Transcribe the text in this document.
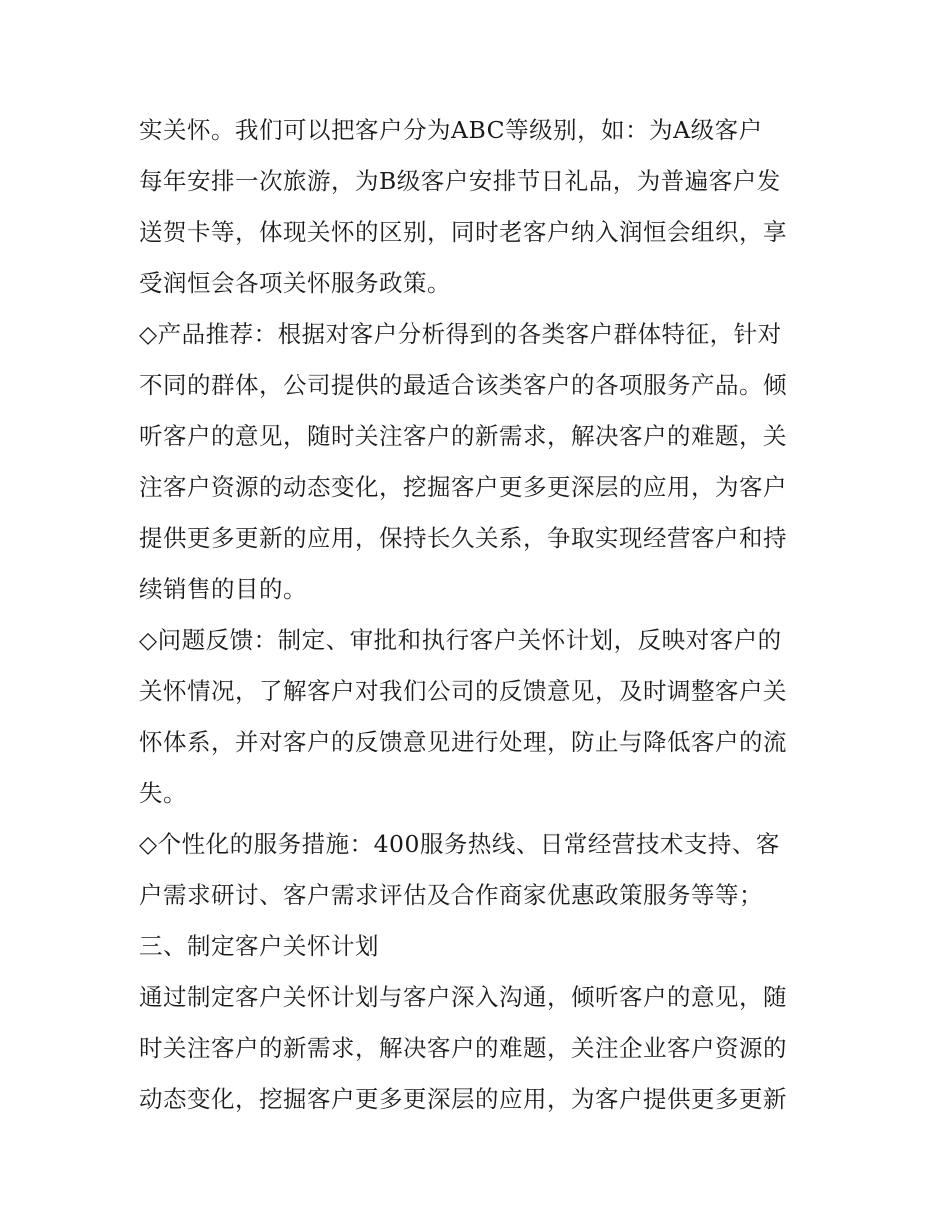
实关怀。我们可以把客户分为ABC等级别，如：为A级客户
每年安排一次旅游，为B级客户安排节日礼品，为普遍客户发
送贺卡等，体现关怀的区别，同时老客户纳入润恒会组织，享
受润恒会各项关怀服务政策。
◇产品推荐：根据对客户分析得到的各类客户群体特征，针对
不同的群体，公司提供的最适合该类客户的各项服务产品。倾
听客户的意见，随时关注客户的新需求，解决客户的难题，关
注客户资源的动态变化，挖掘客户更多更深层的应用，为客户
提供更多更新的应用，保持长久关系，争取实现经营客户和持
续销售的目的。
◇问题反馈：制定、审批和执行客户关怀计划，反映对客户的
关怀情况，了解客户对我们公司的反馈意见，及时调整客户关
怀体系，并对客户的反馈意见进行处理，防止与降低客户的流
失。
◇个性化的服务措施：400服务热线、日常经营技术支持、客
户需求研讨、客户需求评估及合作商家优惠政策服务等等；
三、制定客户关怀计划
通过制定客户关怀计划与客户深入沟通，倾听客户的意见，随
时关注客户的新需求，解决客户的难题，关注企业客户资源的
动态变化，挖掘客户更多更深层的应用，为客户提供更多更新
